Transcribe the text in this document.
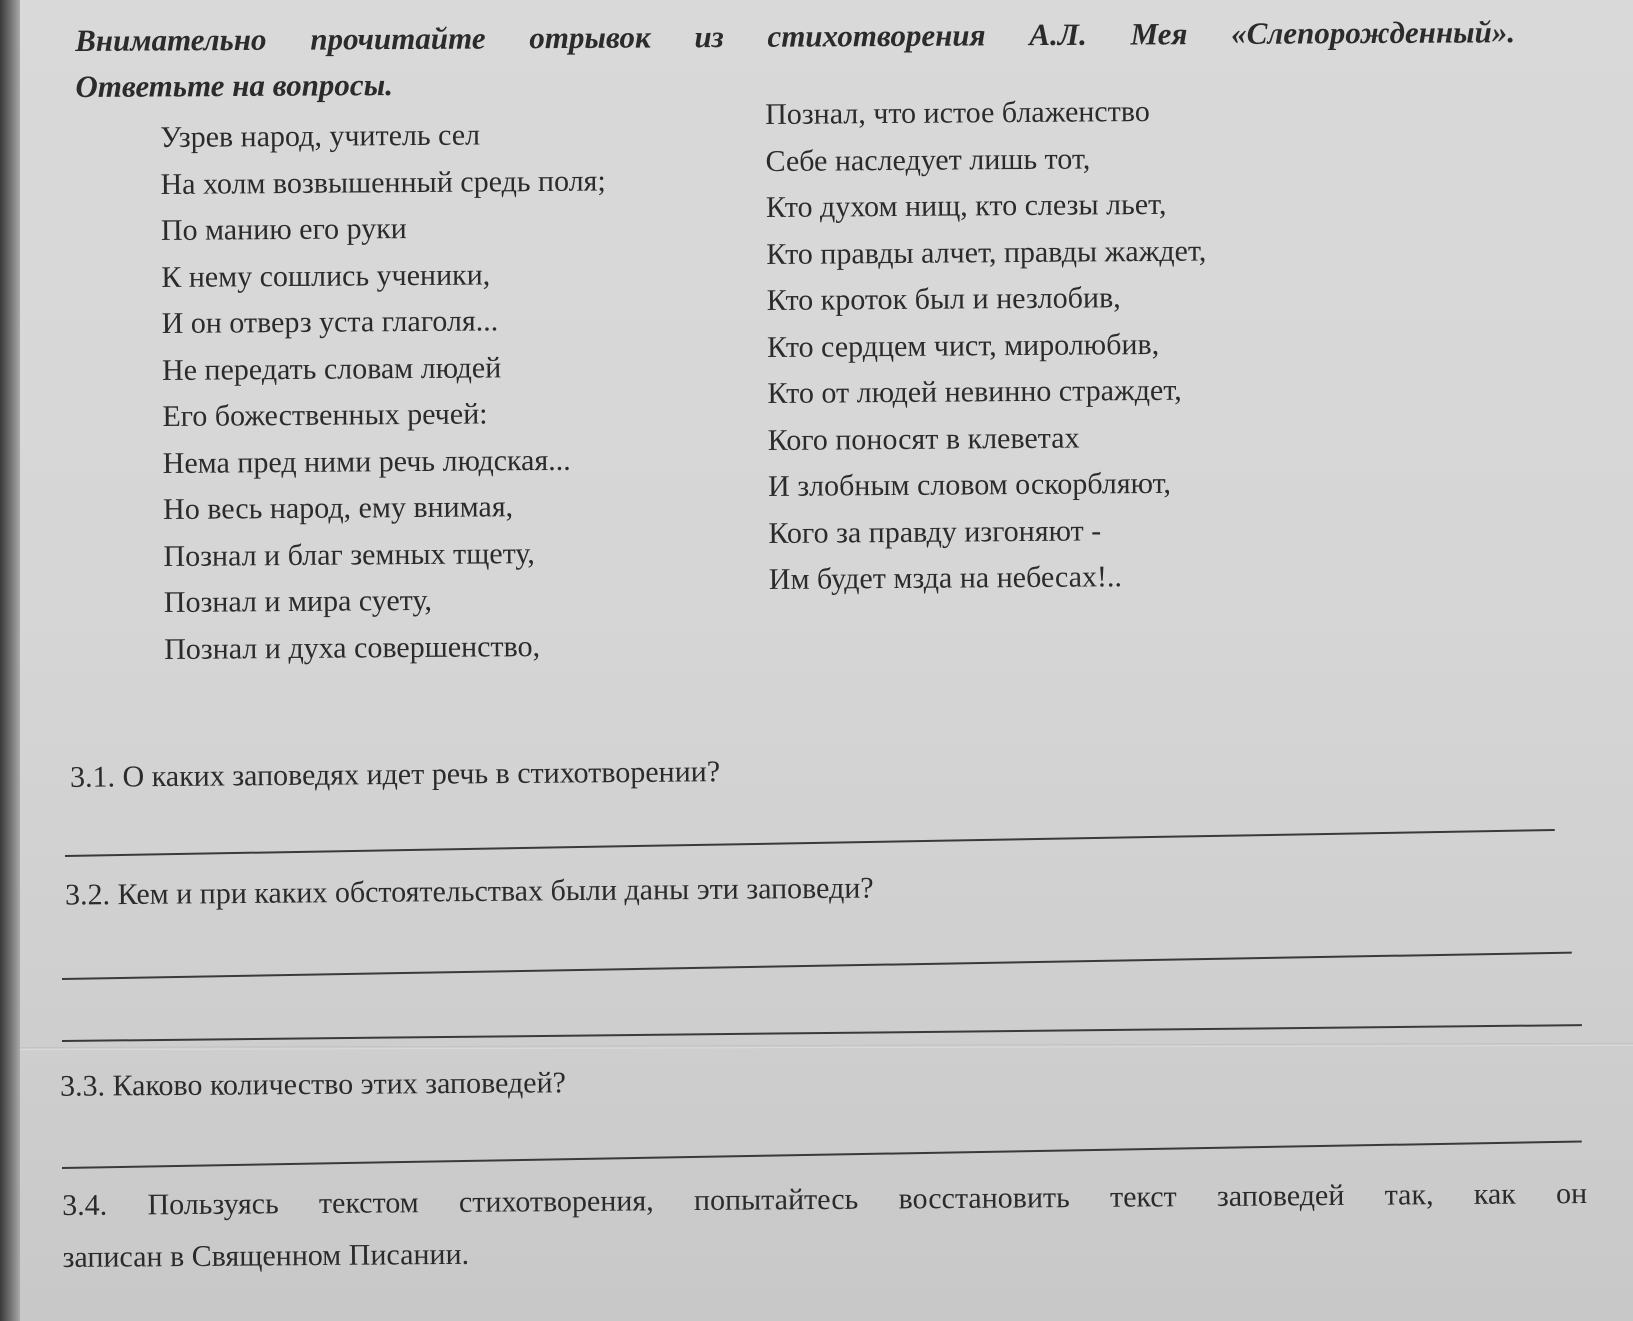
Внимательно прочитайте отрывок из стихотворения А.Л. Мея «Слепорожденный».
Ответьте на вопросы.
Узрев народ, учитель сел
На холм возвышенный средь поля;
По манию его руки
К нему сошлись ученики,
И он отверз уста глаголя...
Не передать словам людей
Его божественных речей:
Нема пред ними речь людская...
Но весь народ, ему внимая,
Познал и благ земных тщету,
Познал и мира суету,
Познал и духа совершенство,
Познал, что истое блаженство
Себе наследует лишь тот,
Кто духом нищ, кто слезы льет,
Кто правды алчет, правды жаждет,
Кто кроток был и незлобив,
Кто сердцем чист, миролюбив,
Кто от людей невинно страждет,
Кого поносят в клеветах
И злобным словом оскорбляют,
Кого за правду изгоняют -
Им будет мзда на небесах!..
3.1. О каких заповедях идет речь в стихотворении?
3.2. Кем и при каких обстоятельствах были даны эти заповеди?
3.3. Каково количество этих заповедей?
3.4. Пользуясь текстом стихотворения, попытайтесь восстановить текст заповедей так, как он
записан в Священном Писании.
